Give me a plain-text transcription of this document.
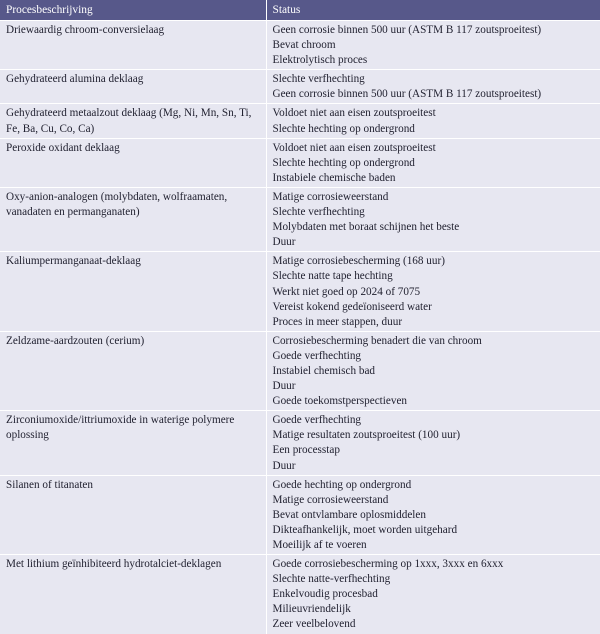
Procesbeschrijving	Status

Driewaardig chroom-conversielaag	Geen corrosie binnen 500 uur (ASTM B 117 zoutsproeitest)
Bevat chroom
Elektrolytisch proces

Gehydrateerd alumina deklaag	Slechte verfhechting
Geen corrosie binnen 500 uur (ASTM B 117 zoutsproeitest)

Gehydrateerd metaalzout deklaag (Mg, Ni, Mn, Sn, Ti, Fe, Ba, Cu, Co, Ca)	Voldoet niet aan eisen zoutsproeitest
Slechte hechting op ondergrond

Peroxide oxidant deklaag	Voldoet niet aan eisen zoutsproeitest
Slechte hechting op ondergrond
Instabiele chemische baden

Oxy-anion-analogen (molybdaten, wolfraamaten, vanadaten en permanganaten)	Matige corrosieweerstand
Slechte verfhechting
Molybdaten met boraat schijnen het beste
Duur

Kaliumpermanganaat-deklaag	Matige corrosiebescherming (168 uur)
Slechte natte tape hechting
Werkt niet goed op 2024 of 7075
Vereist kokend gedeïoniseerd water
Proces in meer stappen, duur

Zeldzame-aardzouten (cerium)	Corrosiebescherming benadert die van chroom
Goede verfhechting
Instabiel chemisch bad
Duur
Goede toekomstperspectieven

Zirconiumoxide/ittriumoxide in waterige polymere oplossing	Goede verfhechting
Matige resultaten zoutsproeitest (100 uur)
Een processtap
Duur

Silanen of titanaten	Goede hechting op ondergrond
Matige corrosieweerstand
Bevat ontvlambare oplosmiddelen
Dikteafhankelijk, moet worden uitgehard
Moeilijk af te voeren

Met lithium geïnhibiteerd hydrotalciet-deklagen	Goede corrosiebescherming op 1xxx, 3xxx en 6xxx
Slechte natte-verfhechting
Enkelvoudig procesbad
Milieuvriendelijk
Zeer veelbelovend
